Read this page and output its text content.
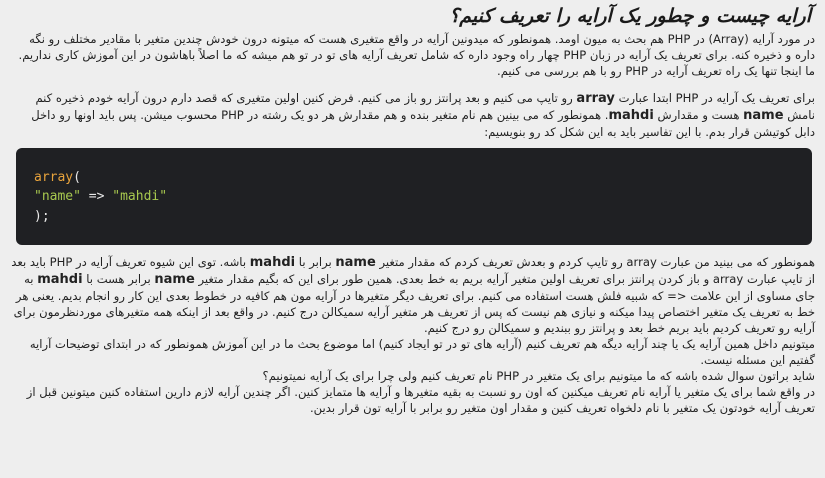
آرایه چیست و چطور یک آرایه را تعریف کنیم؟

در مورد آرایه (Array) در PHP هم بحث به میون اومد. همونطور که میدونین آرایه در واقع متغیری هست که میتونه درون خودش چندین متغیر با مقادیر مختلف رو نگه داره و ذخیره کنه. برای تعریف یک آرایه در زبان PHP چهار راه وجود داره که شامل تعریف آرایه های تو در تو هم میشه که ما اصلاً باهاشون در این آموزش کاری نداریم. ما اینجا تنها یک راه تعریف آرایه در PHP رو با هم بررسی می کنیم.

برای تعریف یک آرایه در PHP ابتدا عبارت array رو تایپ می کنیم و بعد پرانتز رو باز می کنیم. فرض کنین اولین متغیری که قصد دارم درون آرایه خودم ذخیره کنم نامش name هست و مقدارش mahdi. همونطور که می بینین هم نام متغیر بنده و هم مقدارش هر دو یک رشته در PHP محسوب میشن. پس باید اونها رو داخل دابل کوتیشن قرار بدم. با این تفاسیر باید به این شکل کد رو بنویسیم:

array(
"name" => "mahdi"
);

همونطور که می بینید من عبارت array رو تایپ کردم و بعدش تعریف کردم که مقدار متغیر name برابر با mahdi باشه. توی این شیوه تعریف آرایه در PHP باید بعد از تایپ عبارت array و باز کردن پرانتز برای تعریف اولین متغیر آرایه بریم به خط بعدی. همین طور برای این که بگیم مقدار متغیر name برابر هست با mahdi به جای مساوی از این علامت <= که شبیه فلش هست استفاده می کنیم. برای تعریف دیگر متغیرها در آرایه مون هم کافیه در خطوط بعدی این کار رو انجام بدیم. یعنی هر خط به تعریف یک متغیر اختصاص پیدا میکنه و نیازی هم نیست که پس از تعریف هر متغیر آرایه سمیکالن درج کنیم. در واقع بعد از اینکه همه متغیرهای موردنظرمون برای آرایه رو تعریف کردیم باید بریم خط بعد و پرانتز رو ببندیم و سمیکالن رو درج کنیم.
میتونیم داخل همین آرایه یک یا چند آرایه دیگه هم تعریف کنیم (آرایه های تو در تو ایجاد کنیم) اما موضوع بحث ما در این آموزش همونطور که در ابتدای توضیحات آرایه گفتیم این مسئله نیست.
شاید براتون سوال شده باشه که ما میتونیم برای یک متغیر در PHP نام تعریف کنیم ولی چرا برای یک آرایه نمیتونیم؟
در واقع شما برای یک متغیر یا آرایه نام تعریف میکنین که اون رو نسبت به بقیه متغیرها و آرایه ها متمایز کنین. اگر چندین آرایه لازم دارین استفاده کنین میتونین قبل از تعریف آرایه خودتون یک متغیر با نام دلخواه تعریف کنین و مقدار اون متغیر رو برابر با آرایه تون قرار بدین.
